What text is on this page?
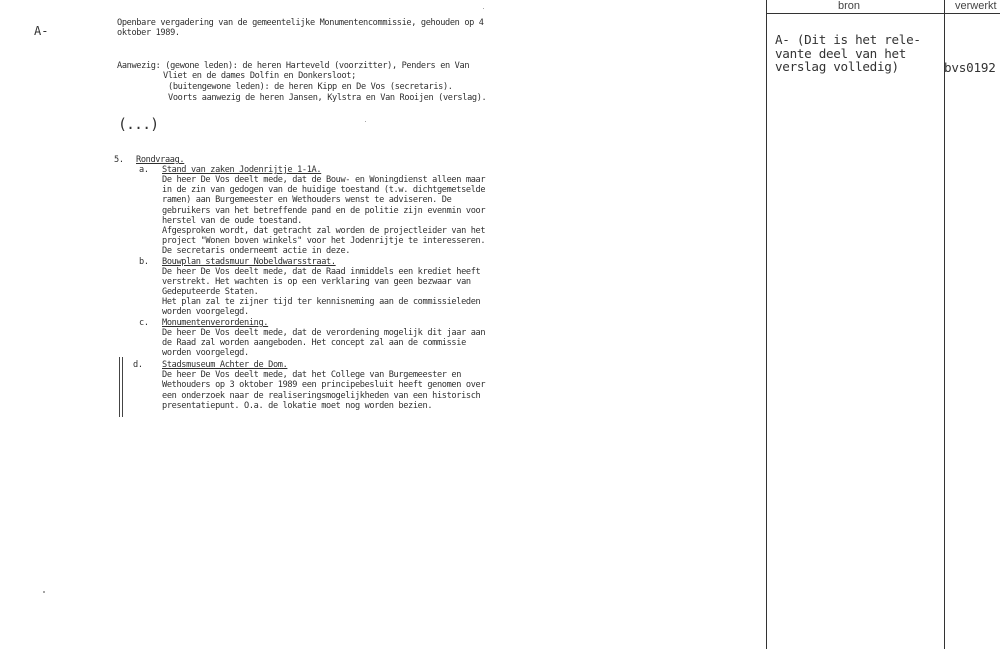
A-
Openbare vergadering van de gemeentelijke Monumentencommissie, gehouden op 4
oktober 1989.
Aanwezig: (gewone leden): de heren Harteveld (voorzitter), Penders en Van
Vliet en de dames Dolfin en Donkersloot;
(buitengewone leden): de heren Kipp en De Vos (secretaris).
Voorts aanwezig de heren Jansen, Kylstra en Van Rooijen (verslag).
(...)
5. Rondvraag.
a. Stand van zaken Jodenrijtje 1-1A.
De heer De Vos deelt mede, dat de Bouw- en Woningdienst alleen maar
in de zin van gedogen van de huidige toestand (t.w. dichtgemetselde
ramen) aan Burgemeester en Wethouders wenst te adviseren. De
gebruikers van het betreffende pand en de politie zijn evenmin voor
herstel van de oude toestand.
Afgesproken wordt, dat getracht zal worden de projectleider van het
project "Wonen boven winkels" voor het Jodenrijtje te interesseren.
De secretaris onderneemt actie in deze.
b. Bouwplan stadsmuur Nobeldwarsstraat.
De heer De Vos deelt mede, dat de Raad inmiddels een krediet heeft
verstrekt. Het wachten is op een verklaring van geen bezwaar van
Gedeputeerde Staten.
Het plan zal te zijner tijd ter kennisneming aan de commissieleden
worden voorgelegd.
c. Monumentenverordening.
De heer De Vos deelt mede, dat de verordening mogelijk dit jaar aan
de Raad zal worden aangeboden. Het concept zal aan de commissie
worden voorgelegd.
d. Stadsmuseum Achter de Dom.
De heer De Vos deelt mede, dat het College van Burgemeester en
Wethouders op 3 oktober 1989 een principebesluit heeft genomen over
een onderzoek naar de realiseringsmogelijkheden van een historisch
presentatiepunt. O.a. de lokatie moet nog worden bezien.
bron	verwerkt
A- (Dit is het rele-
vante deel van het
verslag volledig)	bvs0192
